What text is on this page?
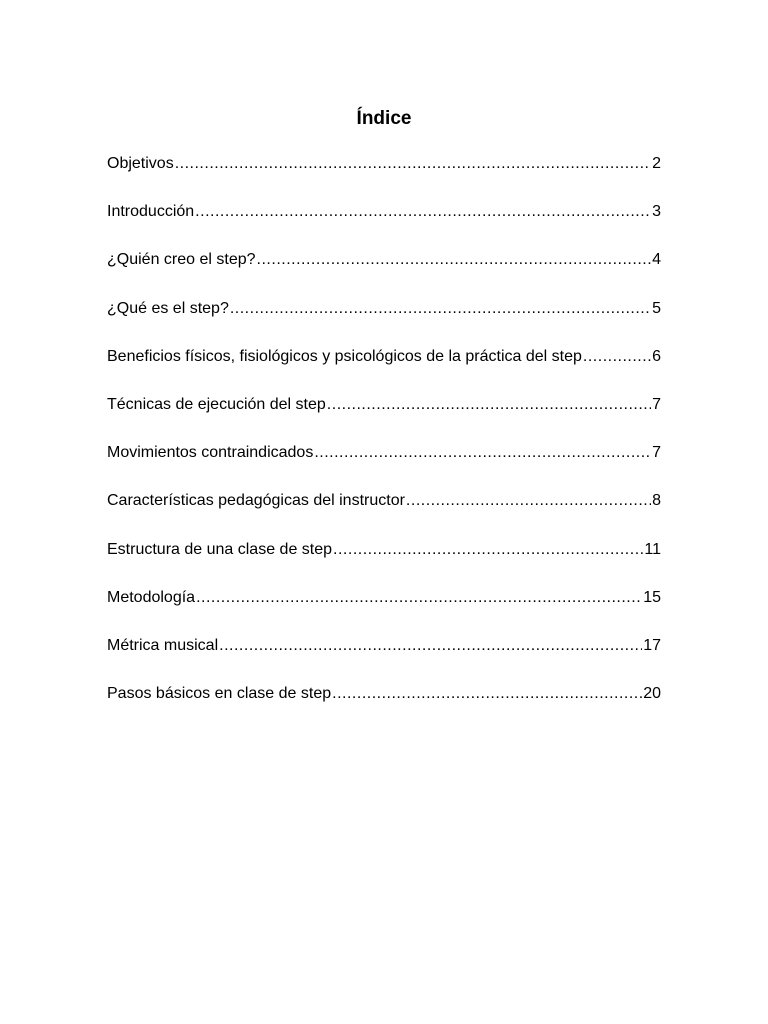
Índice
Objetivos .....	2
Introducción .....	3
¿Quién creo el step? .....	4
¿Qué es el step? .....	5
Beneficios físicos, fisiológicos y psicológicos de la práctica del step .....	6
Técnicas de ejecución del step .....	7
Movimientos contraindicados .....	7
Características pedagógicas del instructor .....	8
Estructura de una clase de step .....	11
Metodología .....	15
Métrica musical .....	17
Pasos básicos en clase de step .....	20
